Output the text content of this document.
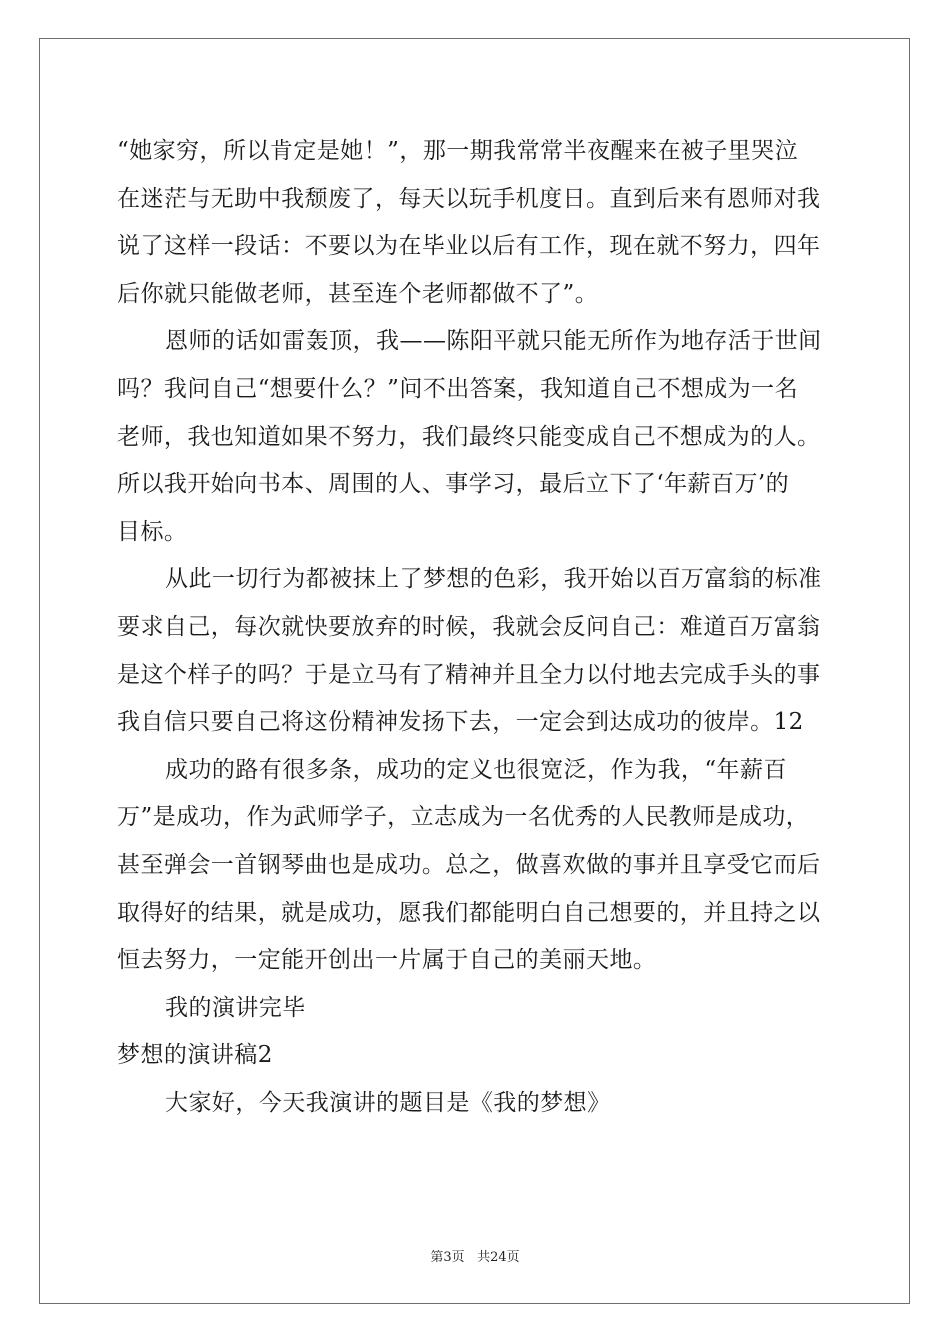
“她家穷，所以肯定是她！”，那一期我常常半夜醒来在被子里哭泣
在迷茫与无助中我颓废了，每天以玩手机度日。直到后来有恩师对我
说了这样一段话：不要以为在毕业以后有工作，现在就不努力，四年
后你就只能做老师，甚至连个老师都做不了”。
恩师的话如雷轰顶，我——陈阳平就只能无所作为地存活于世间
吗？我问自己“想要什么？”问不出答案，我知道自己不想成为一名
老师，我也知道如果不努力，我们最终只能变成自己不想成为的人。
所以我开始向书本、周围的人、事学习，最后立下了‘年薪百万’的
目标。
从此一切行为都被抹上了梦想的色彩，我开始以百万富翁的标准
要求自己，每次就快要放弃的时候，我就会反问自己：难道百万富翁
是这个样子的吗？于是立马有了精神并且全力以付地去完成手头的事
我自信只要自己将这份精神发扬下去，一定会到达成功的彼岸。12
成功的路有很多条，成功的定义也很宽泛，作为我，“年薪百
万”是成功，作为武师学子，立志成为一名优秀的人民教师是成功，
甚至弹会一首钢琴曲也是成功。总之，做喜欢做的事并且享受它而后
取得好的结果，就是成功，愿我们都能明白自己想要的，并且持之以
恒去努力，一定能开创出一片属于自己的美丽天地。
我的演讲完毕
梦想的演讲稿2
大家好，今天我演讲的题目是《我的梦想》
第3页 共24页
